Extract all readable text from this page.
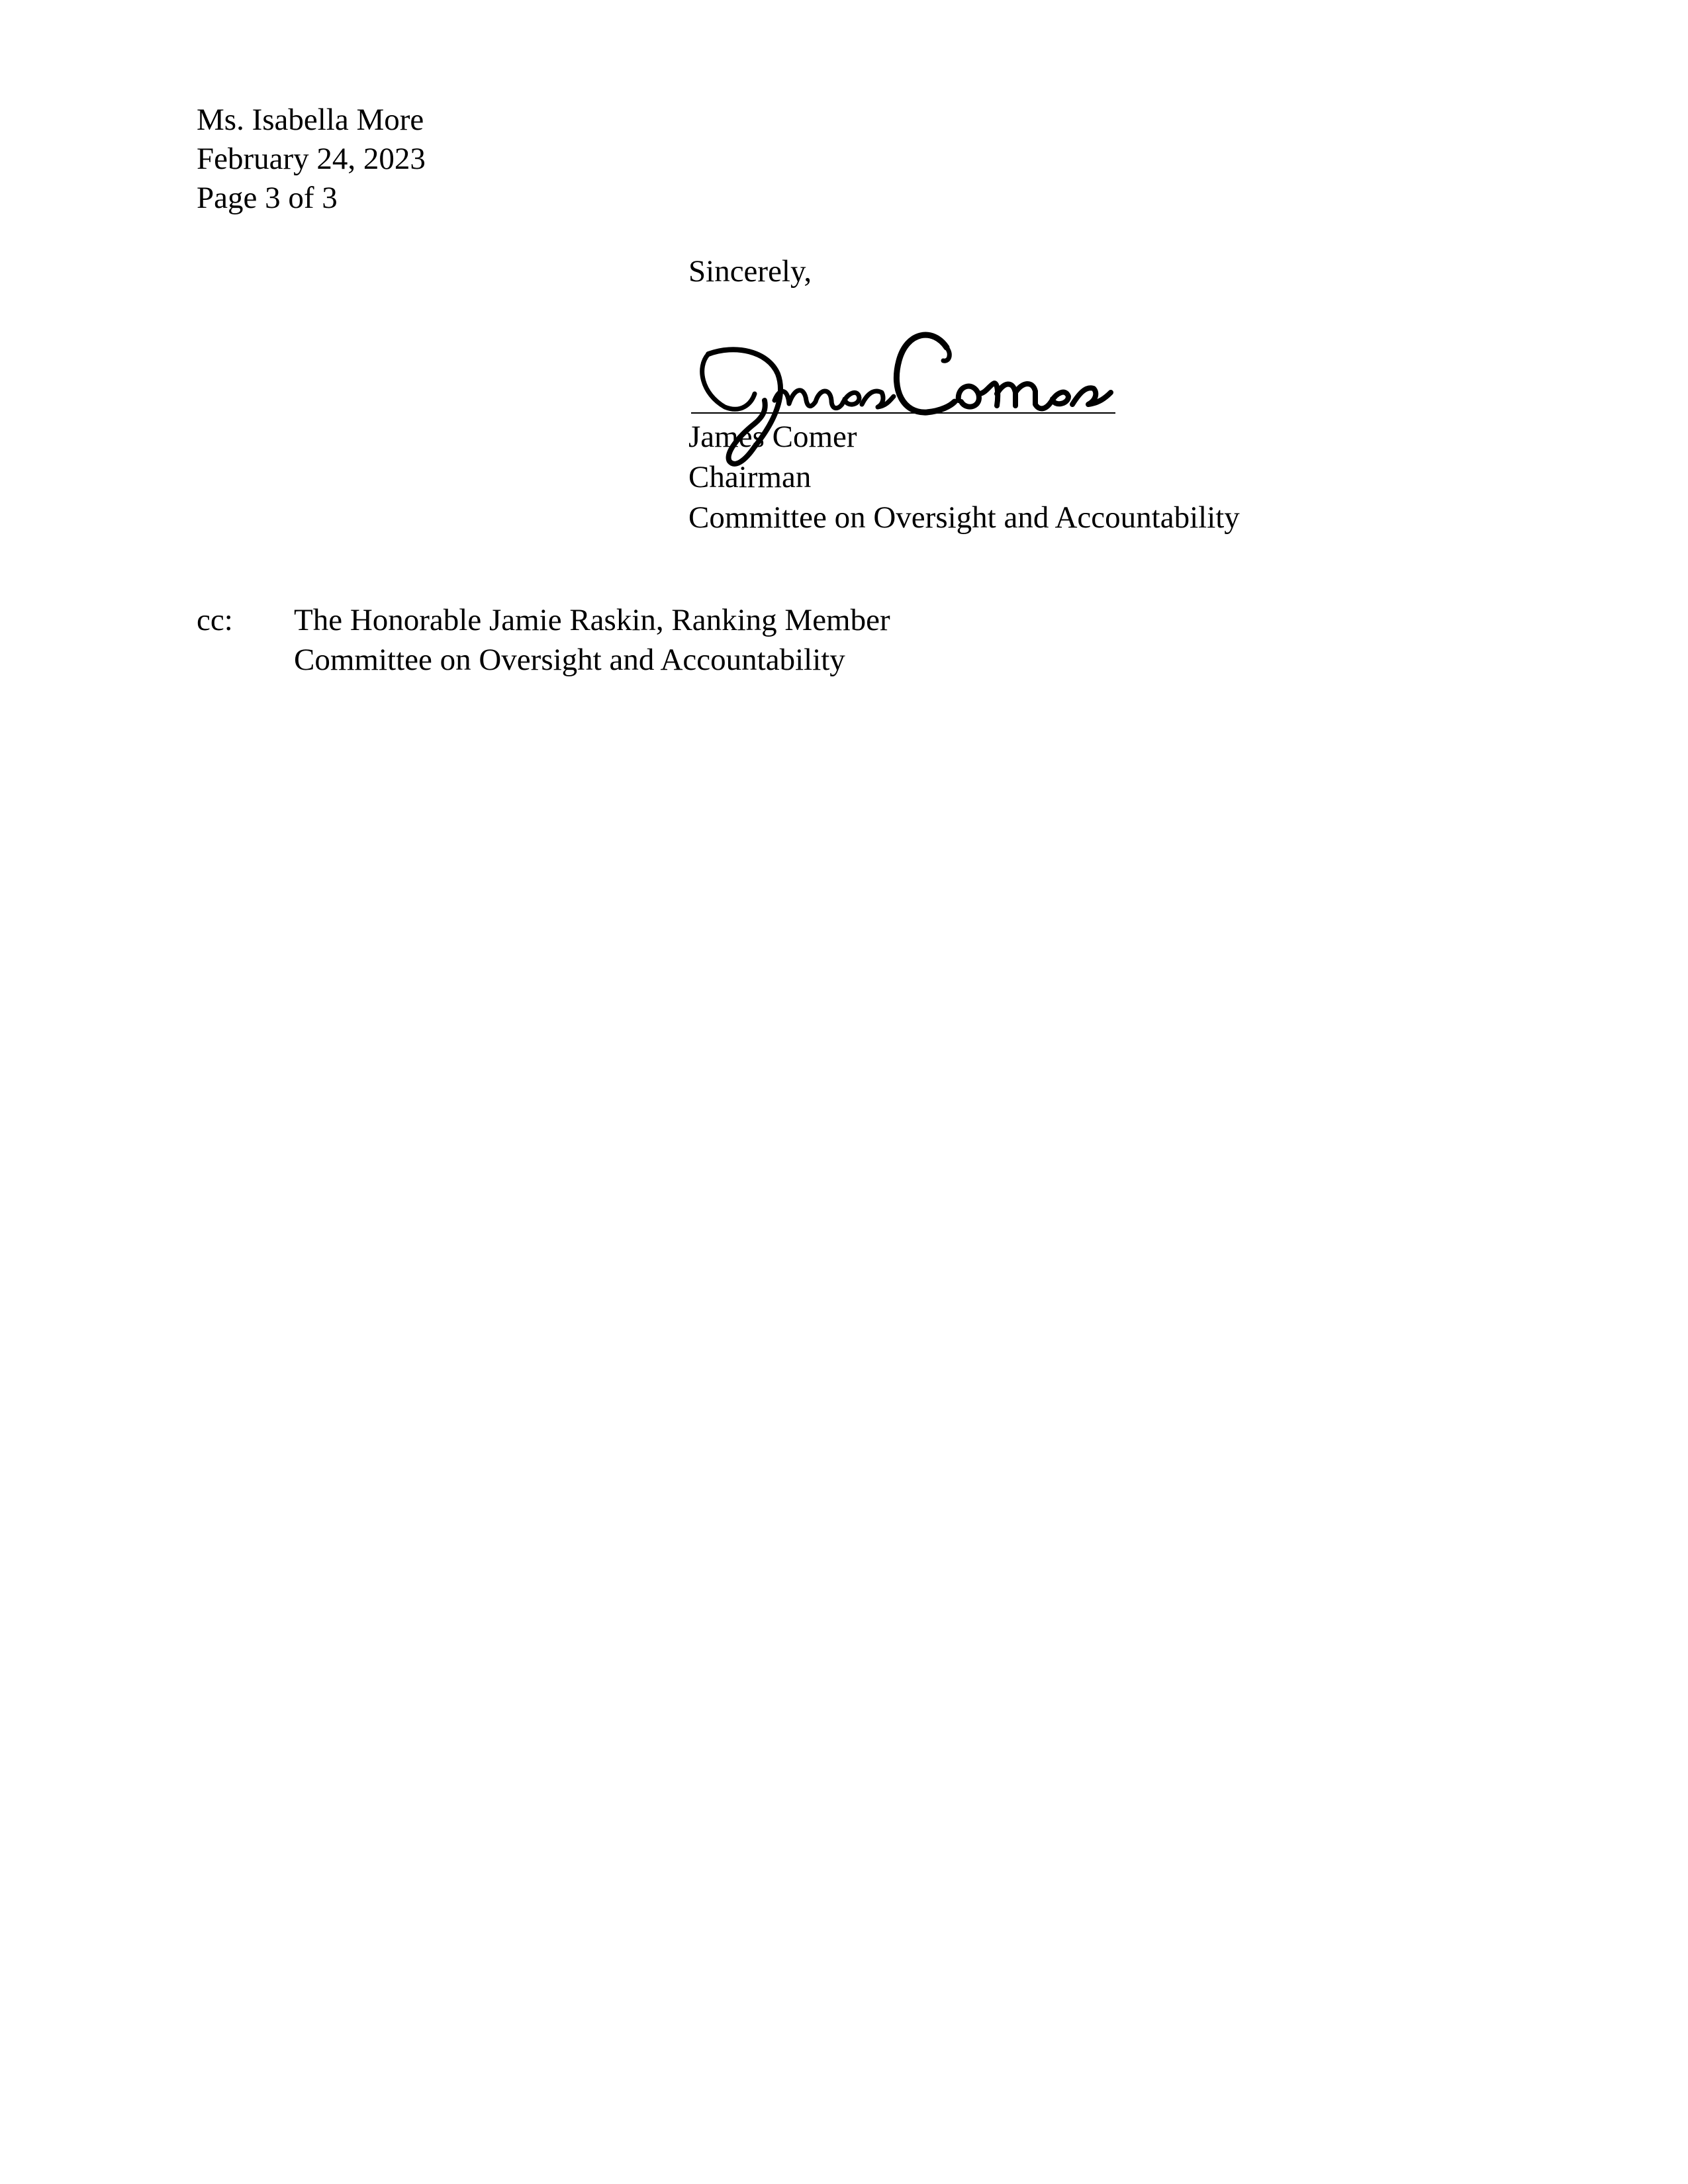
Ms. Isabella More
February 24, 2023
Page 3 of 3
Sincerely,
James Comer
Chairman
Committee on Oversight and Accountability
James Comer
cc: The Honorable Jamie Raskin, Ranking Member
Committee on Oversight and Accountability
